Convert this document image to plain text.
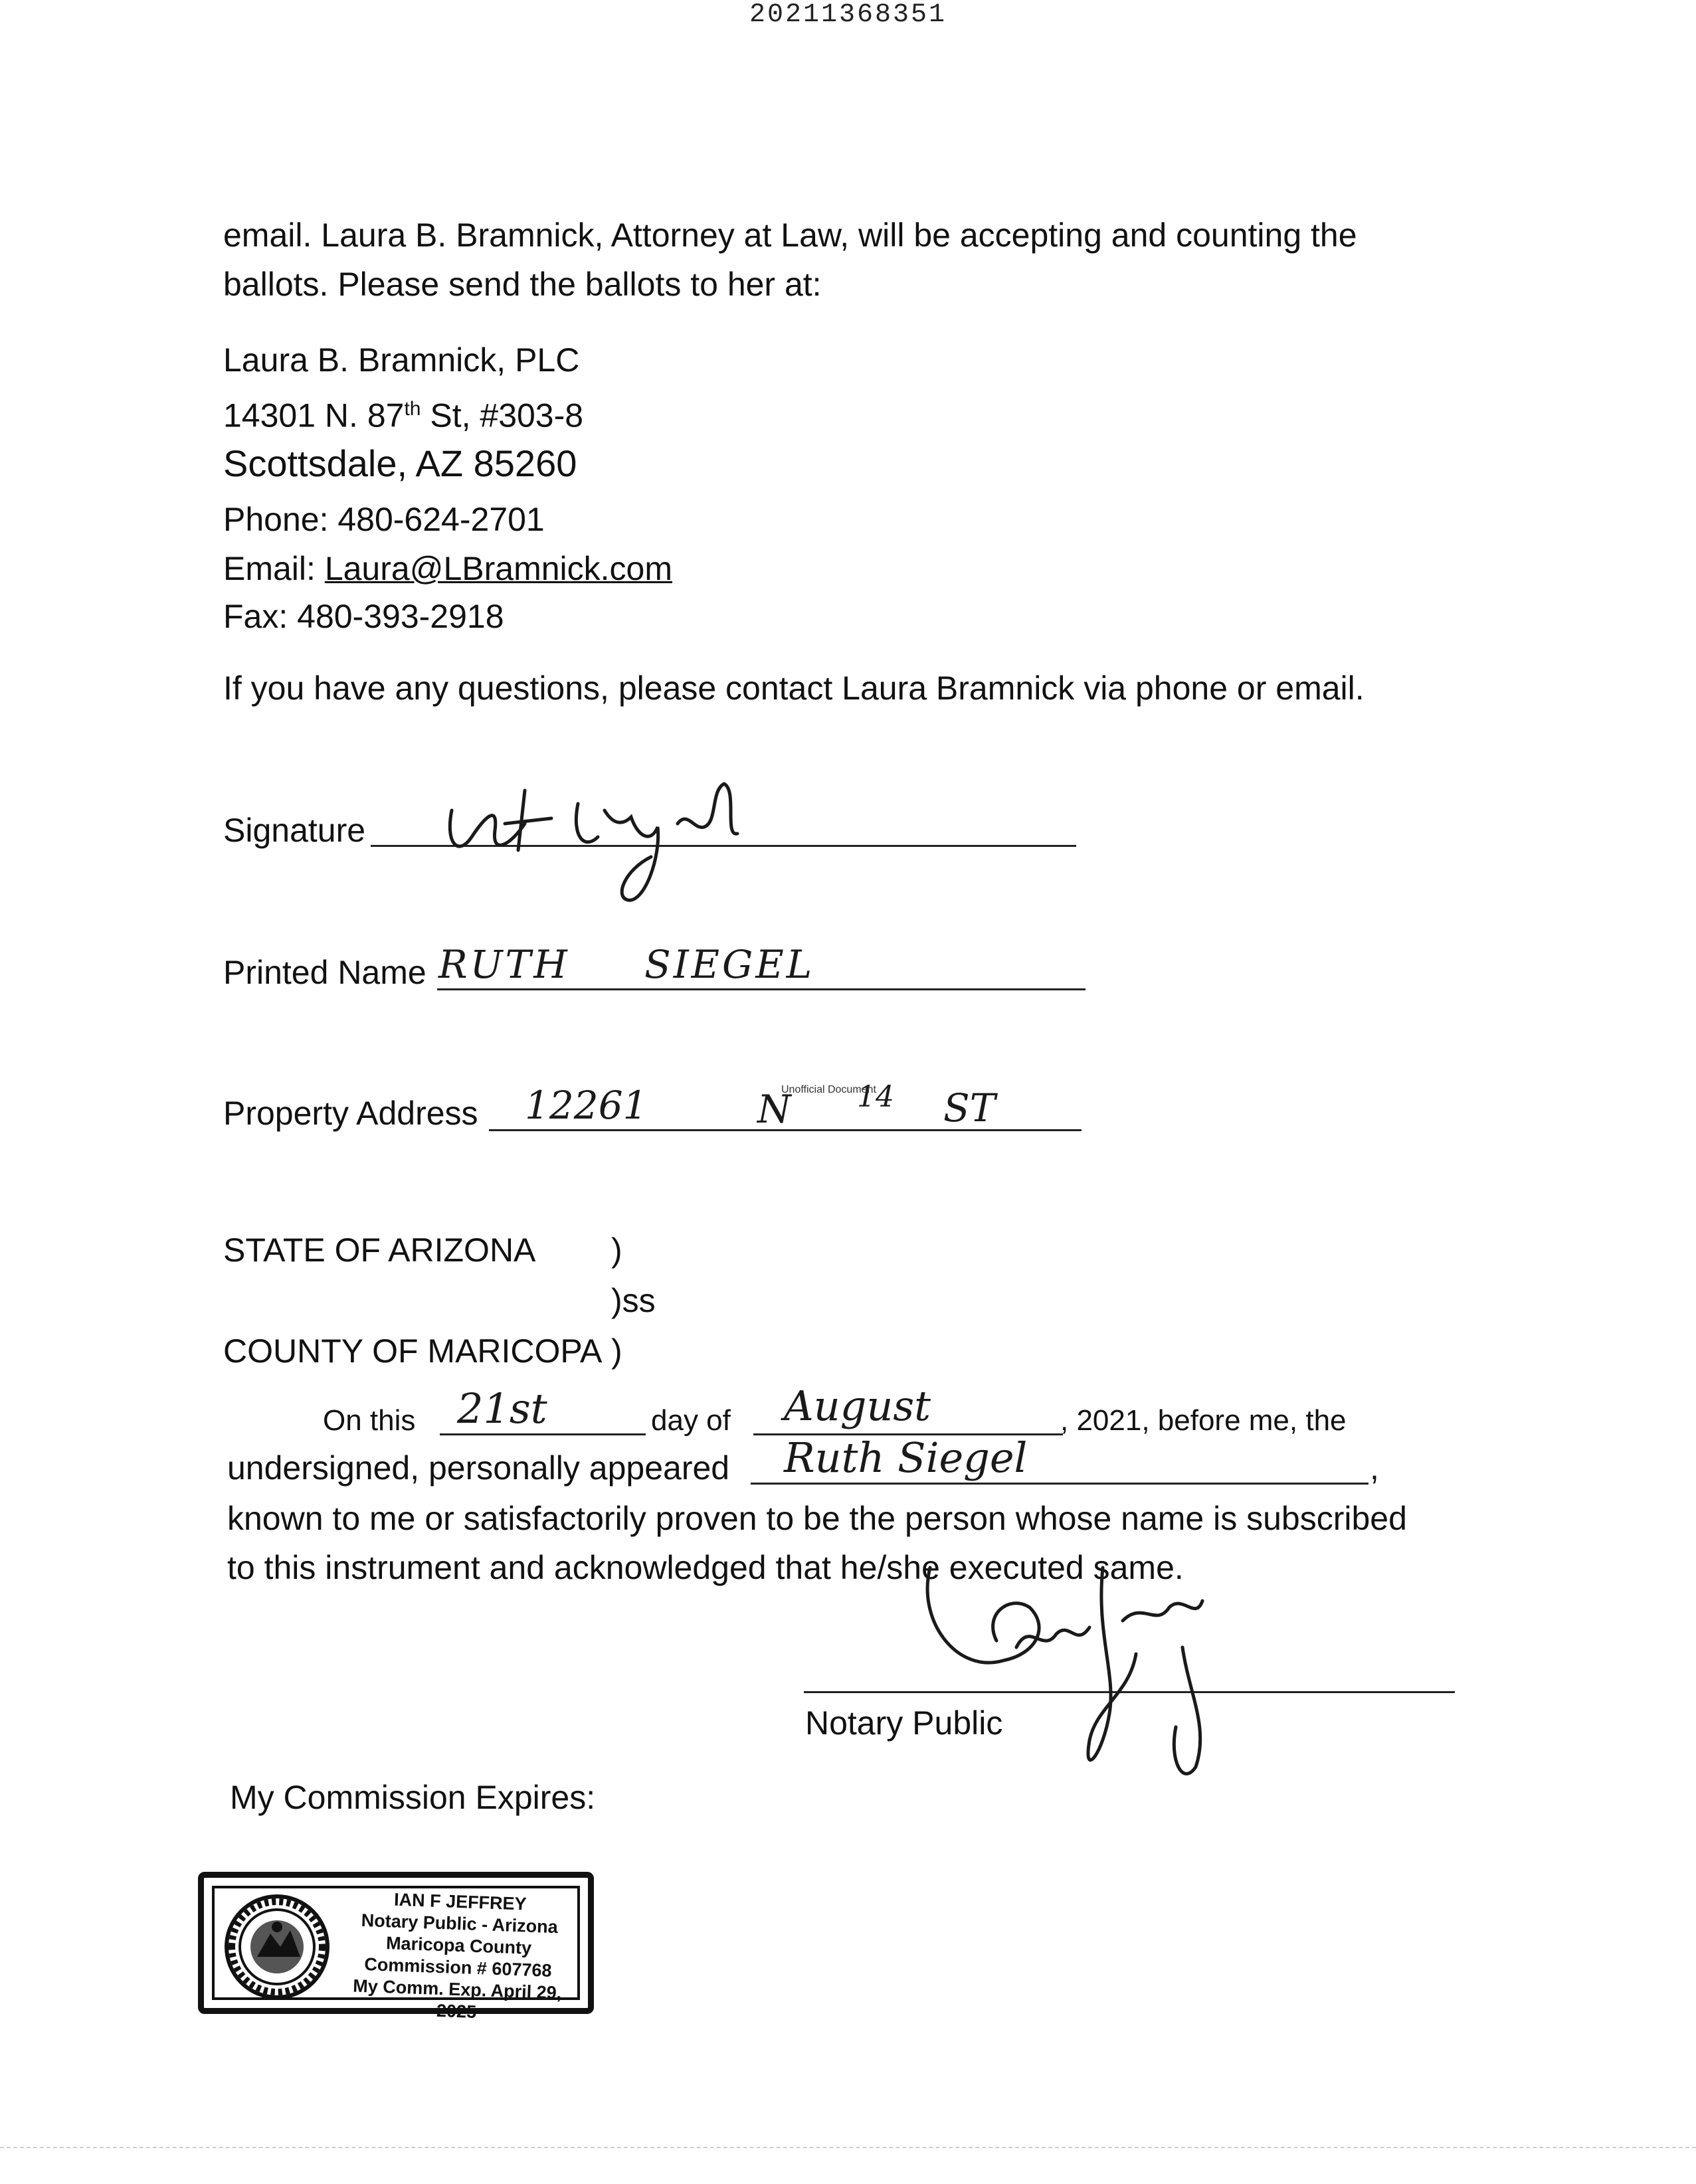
20211368351
email. Laura B. Bramnick, Attorney at Law, will be accepting and counting the
ballots. Please send the ballots to her at:
Laura B. Bramnick, PLC
14301 N. 87th St, #303-8
Scottsdale, AZ 85260
Phone: 480-624-2701
Email: Laura@LBramnick.com
Fax: 480-393-2918
If you have any questions, please contact Laura Bramnick via phone or email.
Signature
Printed Name RUTH     SIEGEL
Property Address 12261	N 14 ST
Unofficial Document
STATE OF ARIZONA )
)ss
COUNTY OF MARICOPA )
On this 21st	day of August	, 2021, before me, the
undersigned, personally appeared Ruth Siegel	,
known to me or satisfactorily proven to be the person whose name is subscribed
to this instrument and acknowledged that he/she executed same.
Notary Public
My Commission Expires:
IAN F JEFFREY
Notary Public - Arizona
Maricopa County
Commission # 607768
My Comm. Exp. April 29, 2025
